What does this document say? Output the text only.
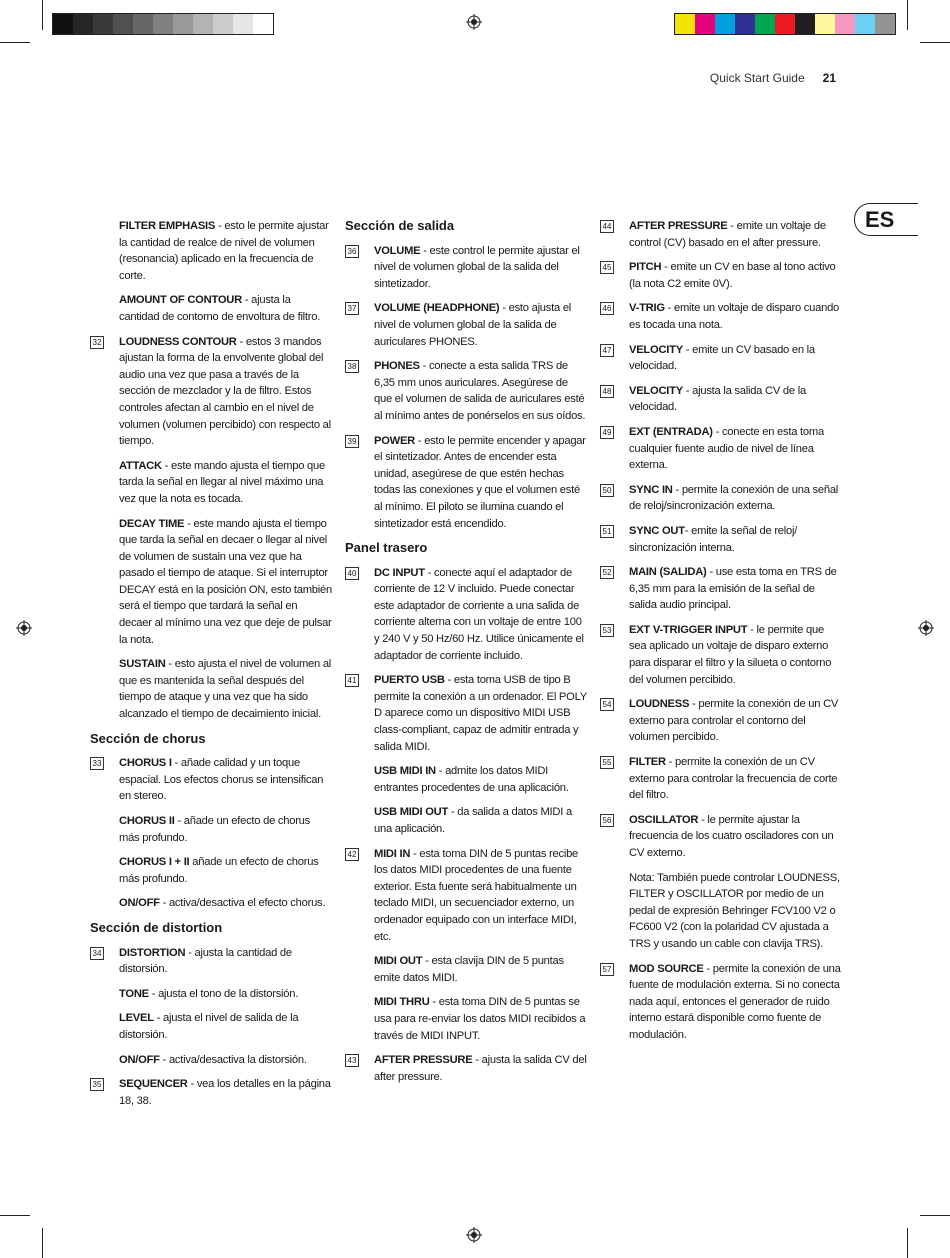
Quick Start Guide 21
ES
FILTER EMPHASIS - esto le permite ajustar la cantidad de realce de nivel de volumen (resonancia) aplicado en la frecuencia de corte.
AMOUNT OF CONTOUR - ajusta la cantidad de contorno de envoltura de filtro.
32 LOUDNESS CONTOUR - estos 3 mandos ajustan la forma de la envolvente global del audio una vez que pasa a través de la sección de mezclador y la de filtro. Estos controles afectan al cambio en el nivel de volumen (volumen percibido) con respecto al tiempo.
ATTACK - este mando ajusta el tiempo que tarda la señal en llegar al nivel máximo una vez que la nota es tocada.
DECAY TIME - este mando ajusta el tiempo que tarda la señal en decaer o llegar al nivel de volumen de sustain una vez que ha pasado el tiempo de ataque. Si el interruptor DECAY está en la posición ON, esto también será el tiempo que tardará la señal en decaer al mínimo una vez que deje de pulsar la nota.
SUSTAIN - esto ajusta el nivel de volumen al que es mantenida la señal después del tiempo de ataque y una vez que ha sido alcanzado el tiempo de decaimiento inicial.
Sección de chorus
33 CHORUS I - añade calidad y un toque espacial. Los efectos chorus se intensifican en stereo.
CHORUS II - añade un efecto de chorus más profundo.
CHORUS I + II añade un efecto de chorus más profundo.
ON/OFF - activa/desactiva el efecto chorus.
Sección de distortion
34 DISTORTION - ajusta la cantidad de distorsión.
TONE - ajusta el tono de la distorsión.
LEVEL - ajusta el nivel de salida de la distorsión.
ON/OFF - activa/desactiva la distorsión.
35 SEQUENCER - vea los detalles en la página 18, 38.
Sección de salida
36 VOLUME - este control le permite ajustar el nivel de volumen global de la salida del sintetizador.
37 VOLUME (HEADPHONE) - esto ajusta el nivel de volumen global de la salida de auriculares PHONES.
38 PHONES - conecte a esta salida TRS de 6,35 mm unos auriculares. Asegúrese de que el volumen de salida de auriculares esté al mínimo antes de ponérselos en sus oídos.
39 POWER - esto le permite encender y apagar el sintetizador. Antes de encender esta unidad, asegúrese de que estén hechas todas las conexiones y que el volumen esté al mínimo. El piloto se ilumina cuando el sintetizador está encendido.
Panel trasero
40 DC INPUT - conecte aquí el adaptador de corriente de 12 V incluido. Puede conectar este adaptador de corriente a una salida de corriente alterna con un voltaje de entre 100 y 240 V y 50 Hz/60 Hz. Utilice únicamente el adaptador de corriente incluido.
41 PUERTO USB - esta toma USB de tipo B permite la conexión a un ordenador. El POLY D aparece como un dispositivo MIDI USB class-compliant, capaz de admitir entrada y salida MIDI.
USB MIDI IN - admite los datos MIDI entrantes procedentes de una aplicación.
USB MIDI OUT - da salida a datos MIDI a una aplicación.
42 MIDI IN - esta toma DIN de 5 puntas recibe los datos MIDI procedentes de una fuente exterior. Esta fuente será habitualmente un teclado MIDI, un secuenciador externo, un ordenador equipado con un interface MIDI, etc.
MIDI OUT - esta clavija DIN de 5 puntas emite datos MIDI.
MIDI THRU - esta toma DIN de 5 puntas se usa para re-enviar los datos MIDI recibidos a través de MIDI INPUT.
43 AFTER PRESSURE - ajusta la salida CV del after pressure.
44 AFTER PRESSURE - emite un voltaje de control (CV) basado en el after pressure.
45 PITCH - emite un CV en base al tono activo (la nota C2 emite 0V).
46 V-TRIG - emite un voltaje de disparo cuando es tocada una nota.
47 VELOCITY - emite un CV basado en la velocidad.
48 VELOCITY - ajusta la salida CV de la velocidad.
49 EXT (ENTRADA) - conecte en esta toma cualquier fuente audio de nivel de línea externa.
50 SYNC IN - permite la conexión de una señal de reloj/sincronización externa.
51 SYNC OUT- emite la señal de reloj/ sincronización interna.
52 MAIN (SALIDA) - use esta toma en TRS de 6,35 mm para la emisión de la señal de salida audio principal.
53 EXT V-TRIGGER INPUT - le permite que sea aplicado un voltaje de disparo externo para disparar el filtro y la silueta o contorno del volumen percibido.
54 LOUDNESS - permite la conexión de un CV externo para controlar el contorno del volumen percibido.
55 FILTER - permite la conexión de un CV externo para controlar la frecuencia de corte del filtro.
56 OSCILLATOR - le permite ajustar la frecuencia de los cuatro osciladores con un CV externo.
Nota: También puede controlar LOUDNESS, FILTER y OSCILLATOR por medio de un pedal de expresión Behringer FCV100 V2 o FC600 V2 (con la polaridad CV ajustada a TRS y usando un cable con clavija TRS).
57 MOD SOURCE - permite la conexión de una fuente de modulación externa. Si no conecta nada aquí, entonces el generador de ruido interno estará disponible como fuente de modulación.
